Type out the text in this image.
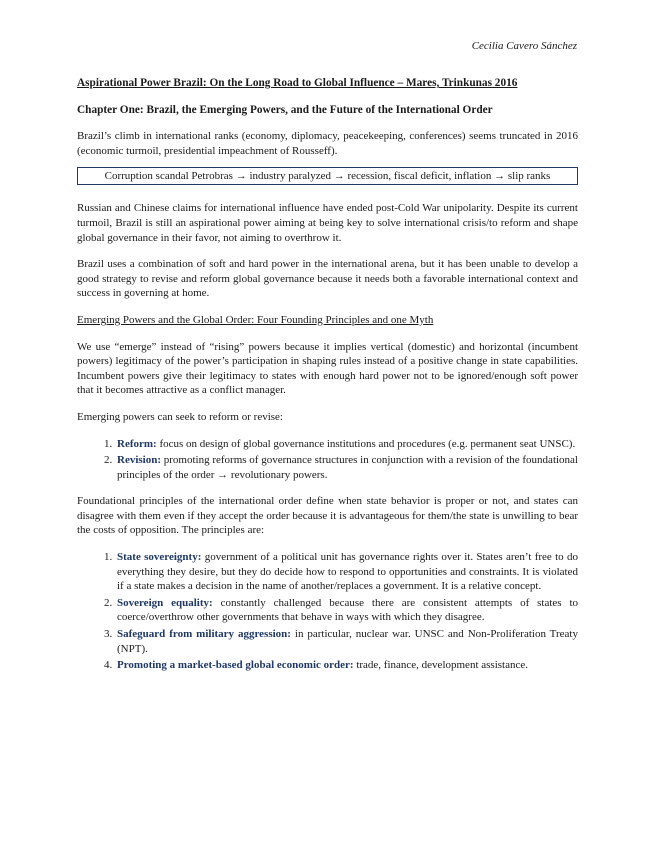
Cecilia Cavero Sánchez

Aspirational Power Brazil: On the Long Road to Global Influence – Mares, Trinkunas 2016

Chapter One: Brazil, the Emerging Powers, and the Future of the International Order

Brazil’s climb in international ranks (economy, diplomacy, peacekeeping, conferences) seems truncated in 2016 (economic turmoil, presidential impeachment of Rousseff).

Corruption scandal Petrobras → industry paralyzed → recession, fiscal deficit, inflation → slip ranks

Russian and Chinese claims for international influence have ended post-Cold War unipolarity. Despite its current turmoil, Brazil is still an aspirational power aiming at being key to solve international crisis/to reform and shape global governance in their favor, not aiming to overthrow it.

Brazil uses a combination of soft and hard power in the international arena, but it has been unable to develop a good strategy to revise and reform global governance because it needs both a favorable international context and success in governing at home.

Emerging Powers and the Global Order: Four Founding Principles and one Myth

We use “emerge” instead of “rising” powers because it implies vertical (domestic) and horizontal (incumbent powers) legitimacy of the power’s participation in shaping rules instead of a positive change in state capabilities. Incumbent powers give their legitimacy to states with enough hard power not to be ignored/enough soft power that it becomes attractive as a conflict manager.

Emerging powers can seek to reform or revise:

1. Reform: focus on design of global governance institutions and procedures (e.g. permanent seat UNSC).
2. Revision: promoting reforms of governance structures in conjunction with a revision of the foundational principles of the order → revolutionary powers.

Foundational principles of the international order define when state behavior is proper or not, and states can disagree with them even if they accept the order because it is advantageous for them/the state is unwilling to bear the costs of opposition. The principles are:

1. State sovereignty: government of a political unit has governance rights over it. States aren’t free to do everything they desire, but they do decide how to respond to opportunities and constraints. It is violated if a state makes a decision in the name of another/replaces a government. It is a relative concept.
2. Sovereign equality: constantly challenged because there are consistent attempts of states to coerce/overthrow other governments that behave in ways with which they disagree.
3. Safeguard from military aggression: in particular, nuclear war. UNSC and Non-Proliferation Treaty (NPT).
4. Promoting a market-based global economic order: trade, finance, development assistance.
